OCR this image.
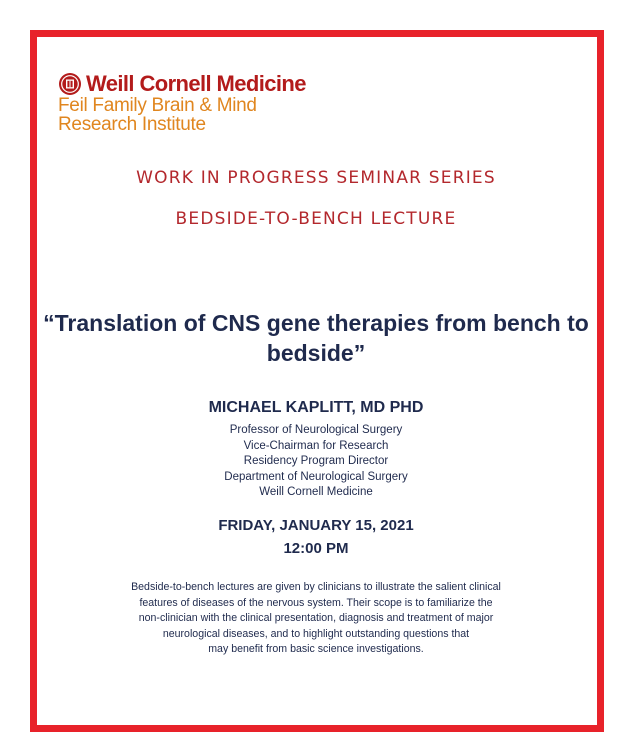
Weill Cornell Medicine
Feil Family Brain & Mind
Research Institute
WORK IN PROGRESS SEMINAR SERIES
BEDSIDE-TO-BENCH LECTURE
“Translation of CNS gene therapies from bench to
bedside”
MICHAEL KAPLITT, MD PHD
Professor of Neurological Surgery
Vice-Chairman for Research
Residency Program Director
Department of Neurological Surgery
Weill Cornell Medicine
FRIDAY, JANUARY 15, 2021
12:00 PM
Bedside-to-bench lectures are given by clinicians to illustrate the salient clinical
features of diseases of the nervous system. Their scope is to familiarize the
non-clinician with the clinical presentation, diagnosis and treatment of major
neurological diseases, and to highlight outstanding questions that
may benefit from basic science investigations.
